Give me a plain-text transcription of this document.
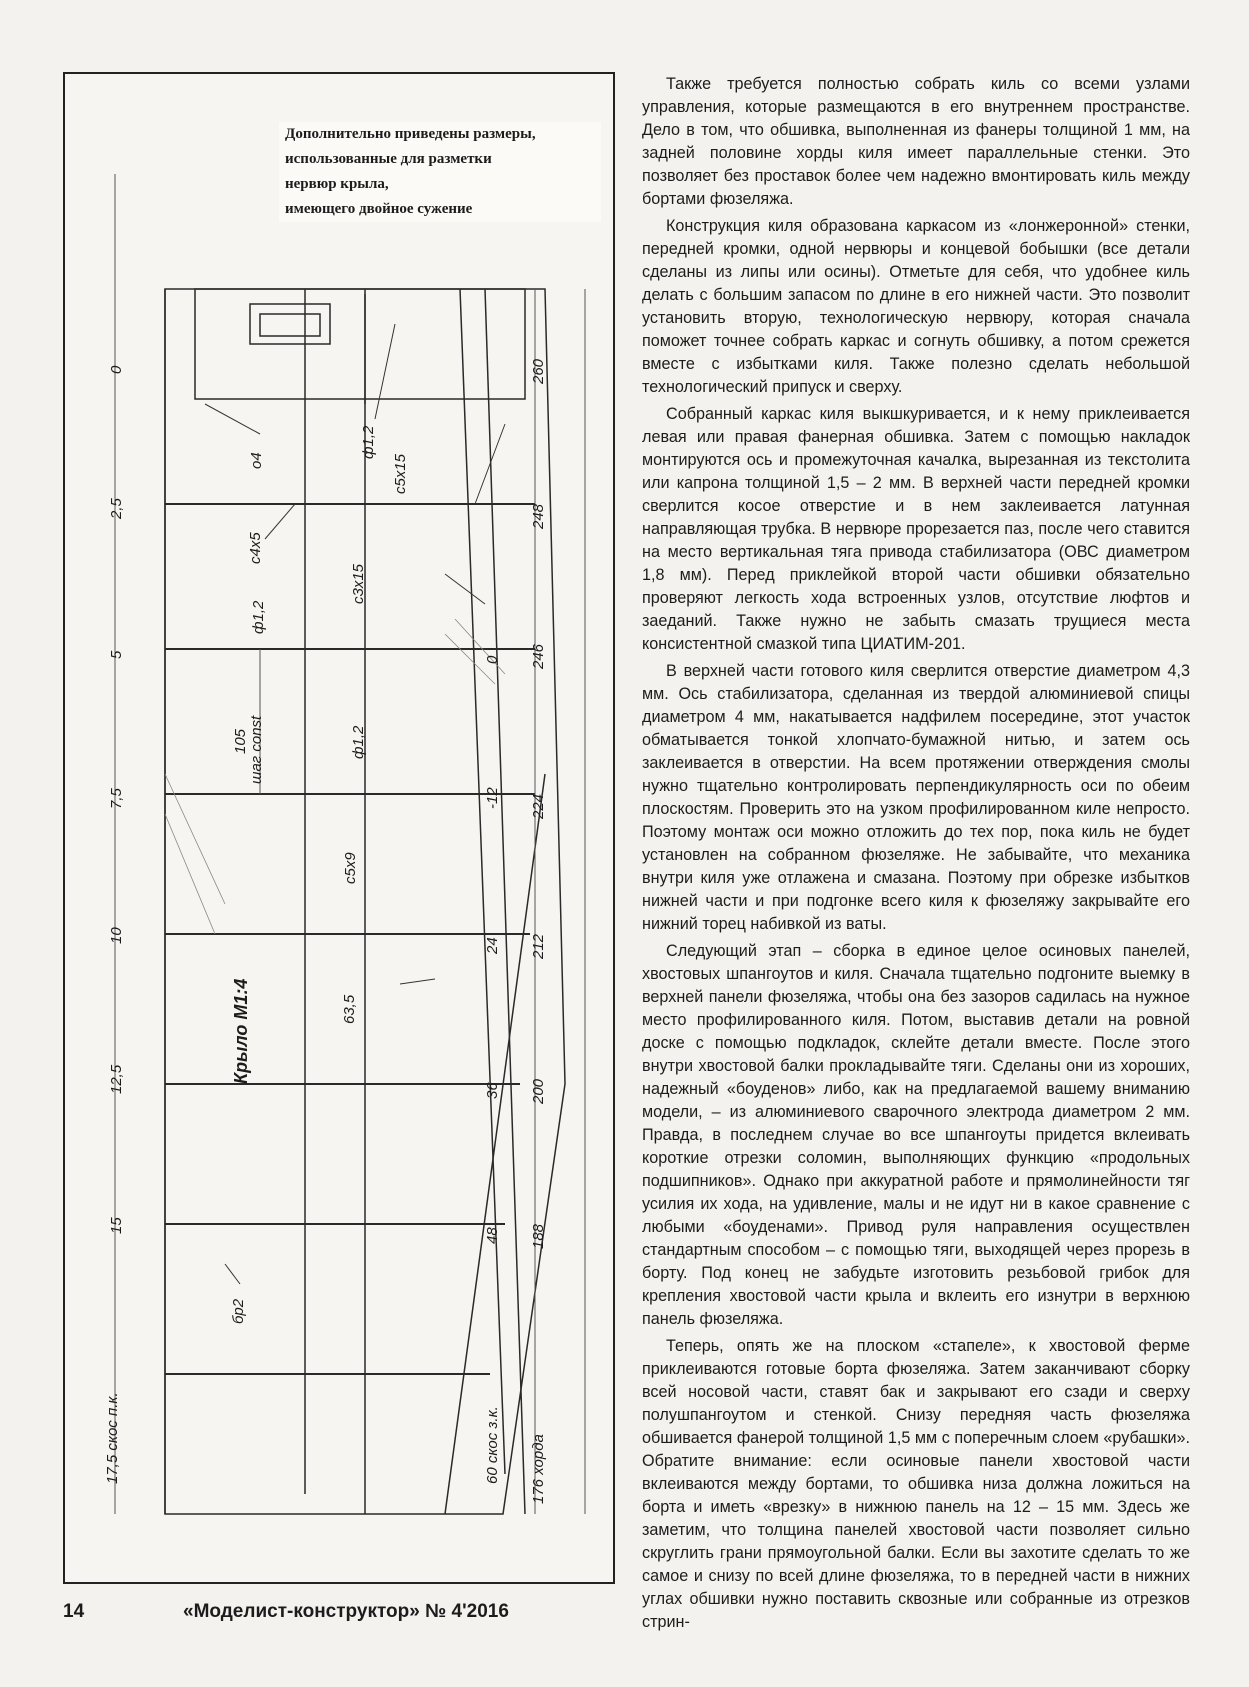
Дополнительно приведены размеры,
использованные для разметки
нервюр крыла,
имеющего двойное сужение
0
2,5
5
7,5
10
12,5
15
17,5 скос п.к.
260
248
246
224
212
200
188
176 хорда
0
-12
24
36
48
60 скос з.к.
о4
ф1,2
с5х15
с4х5
ф1,2
с3х15
ф1,2
с5х9
63,5
бр2
105 шаг const
Крыло М1:4

Также требуется полностью собрать киль со всеми узлами управления, которые размещаются в его внутреннем пространстве. Дело в том, что обшивка, выполненная из фанеры толщиной 1 мм, на задней половине хорды киля имеет параллельные стенки. Это позволяет без проставок более чем надежно вмонтировать киль между бортами фюзеляжа.

Конструкция киля образована каркасом из «лонжеронной» стенки, передней кромки, одной нервюры и концевой бобышки (все детали сделаны из липы или осины). Отметьте для себя, что удобнее киль делать с большим запасом по длине в его нижней части. Это позволит установить вторую, технологическую нервюру, которая сначала поможет точнее собрать каркас и согнуть обшивку, а потом срежется вместе с избытками киля. Также полезно сделать небольшой технологический припуск и сверху.

Собранный каркас киля выкшкуривается, и к нему приклеивается левая или правая фанерная обшивка. Затем с помощью накладок монтируются ось и промежуточная качалка, вырезанная из текстолита или капрона толщиной 1,5 – 2 мм. В верхней части передней кромки сверлится косое отверстие и в нем заклеивается латунная направляющая трубка. В нервюре прорезается паз, после чего ставится на место вертикальная тяга привода стабилизатора (ОВС диаметром 1,8 мм). Перед приклейкой второй части обшивки обязательно проверяют легкость хода встроенных узлов, отсутствие люфтов и заеданий. Также нужно не забыть смазать трущиеся места консистентной смазкой типа ЦИАТИМ-201.

В верхней части готового киля сверлится отверстие диаметром 4,3 мм. Ось стабилизатора, сделанная из твердой алюминиевой спицы диаметром 4 мм, накатывается надфилем посередине, этот участок обматывается тонкой хлопчато-бумажной нитью, и затем ось заклеивается в отверстии. На всем протяжении отверждения смолы нужно тщательно контролировать перпендикулярность оси по обеим плоскостям. Проверить это на узком профилированном киле непросто. Поэтому монтаж оси можно отложить до тех пор, пока киль не будет установлен на собранном фюзеляже. Не забывайте, что механика внутри киля уже отлажена и смазана. Поэтому при обрезке избытков нижней части и при подгонке всего киля к фюзеляжу закрывайте его нижний торец набивкой из ваты.

Следующий этап – сборка в единое целое осиновых панелей, хвостовых шпангоутов и киля. Сначала тщательно подгоните выемку в верхней панели фюзеляжа, чтобы она без зазоров садилась на нужное место профилированного киля. Потом, выставив детали на ровной доске с помощью подкладок, склейте детали вместе. После этого внутри хвостовой балки прокладывайте тяги. Сделаны они из хороших, надежный «боуденов» либо, как на предлагаемой вашему вниманию модели, – из алюминиевого сварочного электрода диаметром 2 мм. Правда, в последнем случае во все шпангоуты придется вклеивать короткие отрезки соломин, выполняющих функцию «продольных подшипников». Однако при аккуратной работе и прямолинейности тяг усилия их хода, на удивление, малы и не идут ни в какое сравнение с любыми «боуденами». Привод руля направления осуществлен стандартным способом – с помощью тяги, выходящей через прорезь в борту. Под конец не забудьте изготовить резьбовой грибок для крепления хвостовой части крыла и вклеить его изнутри в верхнюю панель фюзеляжа.

Теперь, опять же на плоском «стапеле», к хвостовой ферме приклеиваются готовые борта фюзеляжа. Затем заканчивают сборку всей носовой части, ставят бак и закрывают его сзади и сверху полушпангоутом и стенкой. Снизу передняя часть фюзеляжа обшивается фанерой толщиной 1,5 мм с поперечным слоем «рубашки». Обратите внимание: если осиновые панели хвостовой части вклеиваются между бортами, то обшивка низа должна ложиться на борта и иметь «врезку» в нижнюю панель на 12 – 15 мм. Здесь же заметим, что толщина панелей хвостовой части позволяет сильно скруглить грани прямоугольной балки. Если вы захотите сделать то же самое и снизу по всей длине фюзеляжа, то в передней части в нижних углах обшивки нужно поставить сквозные или собранные из отрезков стрин-

14	«Моделист-конструктор» № 4'2016
